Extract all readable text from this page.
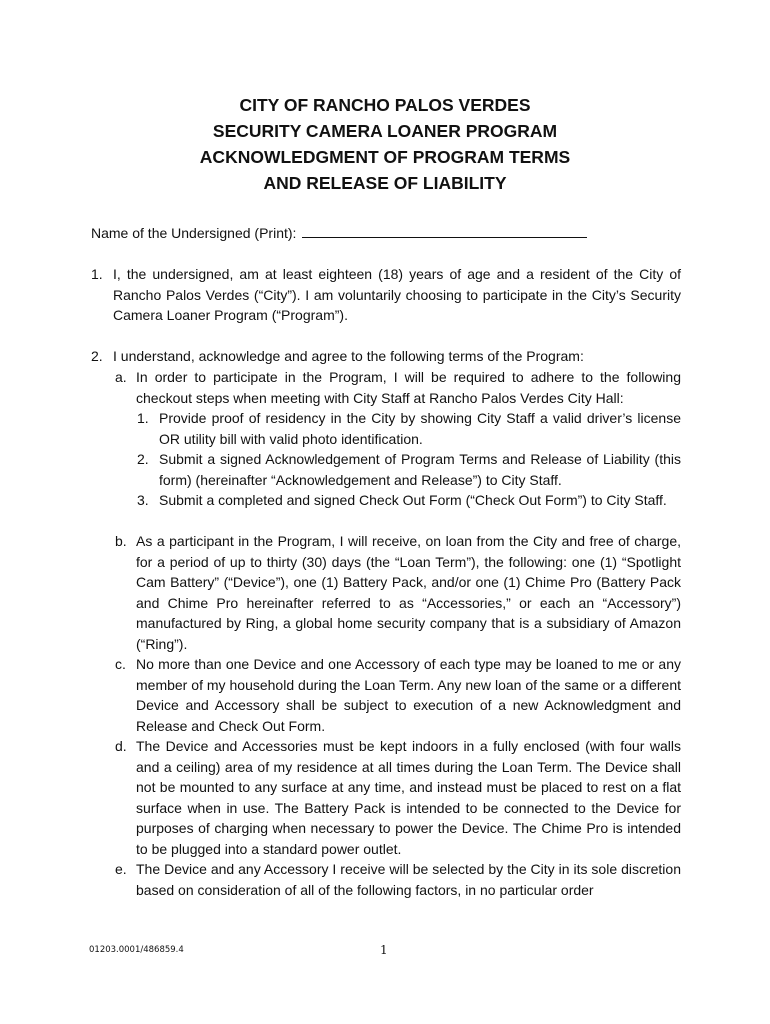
CITY OF RANCHO PALOS VERDES
SECURITY CAMERA LOANER PROGRAM
ACKNOWLEDGMENT OF PROGRAM TERMS
AND RELEASE OF LIABILITY
Name of the Undersigned (Print):
1. I, the undersigned, am at least eighteen (18) years of age and a resident of the City of Rancho Palos Verdes (“City”). I am voluntarily choosing to participate in the City’s Security Camera Loaner Program (“Program”).
2. I understand, acknowledge and agree to the following terms of the Program:
a. In order to participate in the Program, I will be required to adhere to the following checkout steps when meeting with City Staff at Rancho Palos Verdes City Hall:
1. Provide proof of residency in the City by showing City Staff a valid driver’s license OR utility bill with valid photo identification.
2. Submit a signed Acknowledgement of Program Terms and Release of Liability (this form) (hereinafter “Acknowledgement and Release”) to City Staff.
3. Submit a completed and signed Check Out Form (“Check Out Form”) to City Staff.
b. As a participant in the Program, I will receive, on loan from the City and free of charge, for a period of up to thirty (30) days (the “Loan Term”), the following: one (1) “Spotlight Cam Battery” (“Device”), one (1) Battery Pack, and/or one (1) Chime Pro (Battery Pack and Chime Pro hereinafter referred to as “Accessories,” or each an “Accessory”) manufactured by Ring, a global home security company that is a subsidiary of Amazon (“Ring”).
c. No more than one Device and one Accessory of each type may be loaned to me or any member of my household during the Loan Term. Any new loan of the same or a different Device and Accessory shall be subject to execution of a new Acknowledgment and Release and Check Out Form.
d. The Device and Accessories must be kept indoors in a fully enclosed (with four walls and a ceiling) area of my residence at all times during the Loan Term. The Device shall not be mounted to any surface at any time, and instead must be placed to rest on a flat surface when in use. The Battery Pack is intended to be connected to the Device for purposes of charging when necessary to power the Device. The Chime Pro is intended to be plugged into a standard power outlet.
e. The Device and any Accessory I receive will be selected by the City in its sole discretion based on consideration of all of the following factors, in no particular order
01203.0001/486859.4	1
